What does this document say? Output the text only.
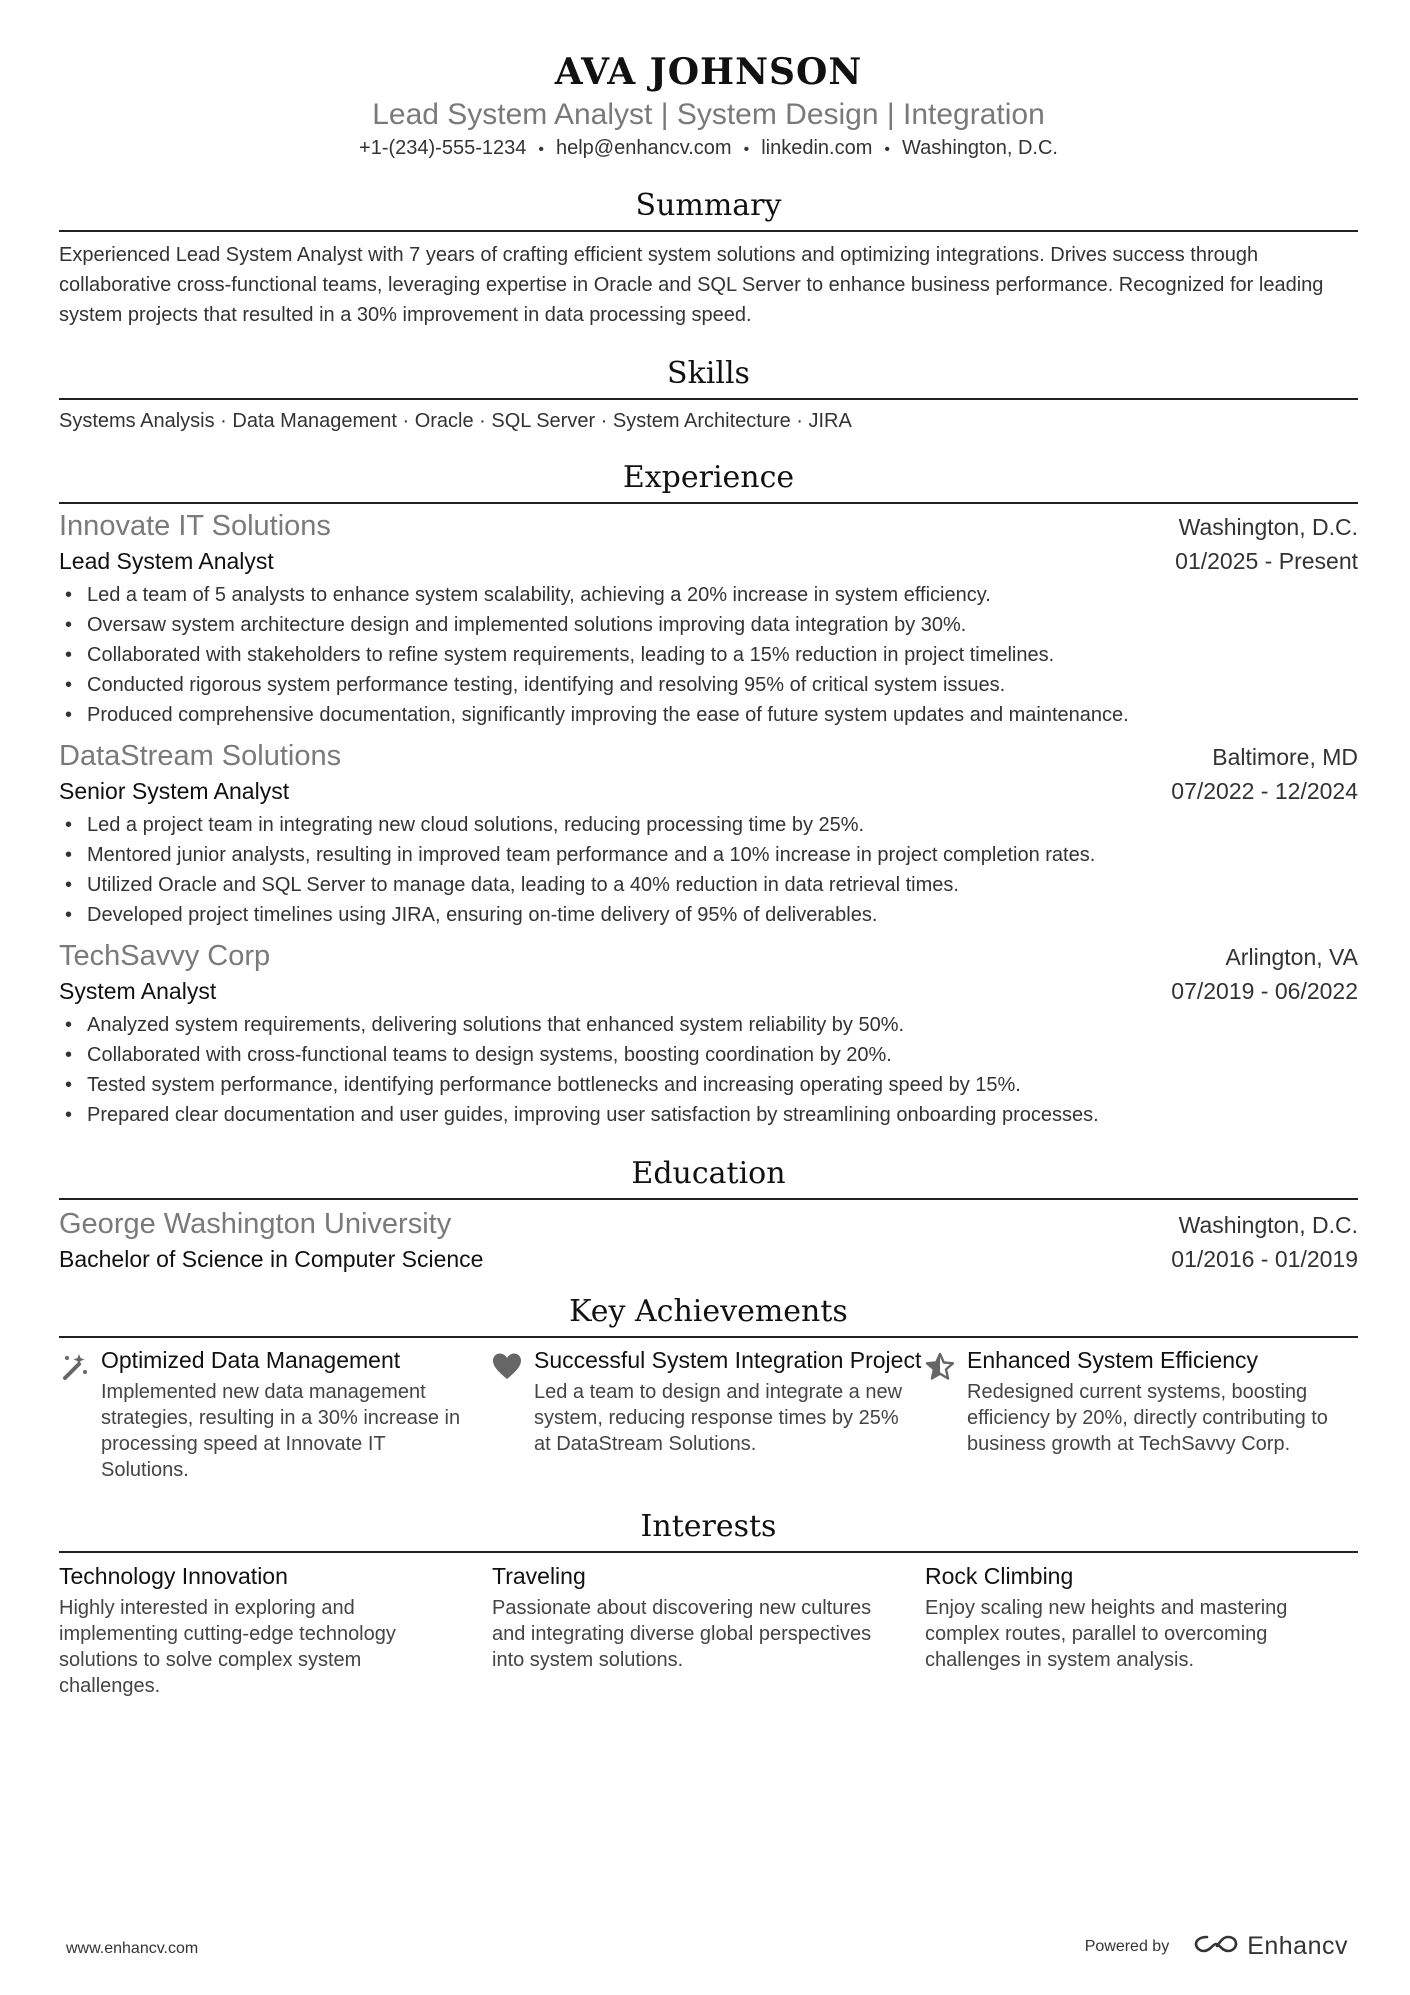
AVA JOHNSON
Lead System Analyst | System Design | Integration
+1-(234)-555-1234 • help@enhancv.com • linkedin.com • Washington, D.C.
Summary
Experienced Lead System Analyst with 7 years of crafting efficient system solutions and optimizing integrations. Drives success through collaborative cross-functional teams, leveraging expertise in Oracle and SQL Server to enhance business performance. Recognized for leading system projects that resulted in a 30% improvement in data processing speed.
Skills
Systems Analysis · Data Management · Oracle · SQL Server · System Architecture · JIRA
Experience
Innovate IT Solutions	Washington, D.C.
Lead System Analyst	01/2025 - Present
• Led a team of 5 analysts to enhance system scalability, achieving a 20% increase in system efficiency.
• Oversaw system architecture design and implemented solutions improving data integration by 30%.
• Collaborated with stakeholders to refine system requirements, leading to a 15% reduction in project timelines.
• Conducted rigorous system performance testing, identifying and resolving 95% of critical system issues.
• Produced comprehensive documentation, significantly improving the ease of future system updates and maintenance.
DataStream Solutions	Baltimore, MD
Senior System Analyst	07/2022 - 12/2024
• Led a project team in integrating new cloud solutions, reducing processing time by 25%.
• Mentored junior analysts, resulting in improved team performance and a 10% increase in project completion rates.
• Utilized Oracle and SQL Server to manage data, leading to a 40% reduction in data retrieval times.
• Developed project timelines using JIRA, ensuring on-time delivery of 95% of deliverables.
TechSavvy Corp	Arlington, VA
System Analyst	07/2019 - 06/2022
• Analyzed system requirements, delivering solutions that enhanced system reliability by 50%.
• Collaborated with cross-functional teams to design systems, boosting coordination by 20%.
• Tested system performance, identifying performance bottlenecks and increasing operating speed by 15%.
• Prepared clear documentation and user guides, improving user satisfaction by streamlining onboarding processes.
Education
George Washington University	Washington, D.C.
Bachelor of Science in Computer Science	01/2016 - 01/2019
Key Achievements
Optimized Data Management
Implemented new data management strategies, resulting in a 30% increase in processing speed at Innovate IT Solutions.
Successful System Integration Project
Led a team to design and integrate a new system, reducing response times by 25% at DataStream Solutions.
Enhanced System Efficiency
Redesigned current systems, boosting efficiency by 20%, directly contributing to business growth at TechSavvy Corp.
Interests
Technology Innovation
Highly interested in exploring and implementing cutting-edge technology solutions to solve complex system challenges.
Traveling
Passionate about discovering new cultures and integrating diverse global perspectives into system solutions.
Rock Climbing
Enjoy scaling new heights and mastering complex routes, parallel to overcoming challenges in system analysis.
www.enhancv.com	Powered by	Enhancv
